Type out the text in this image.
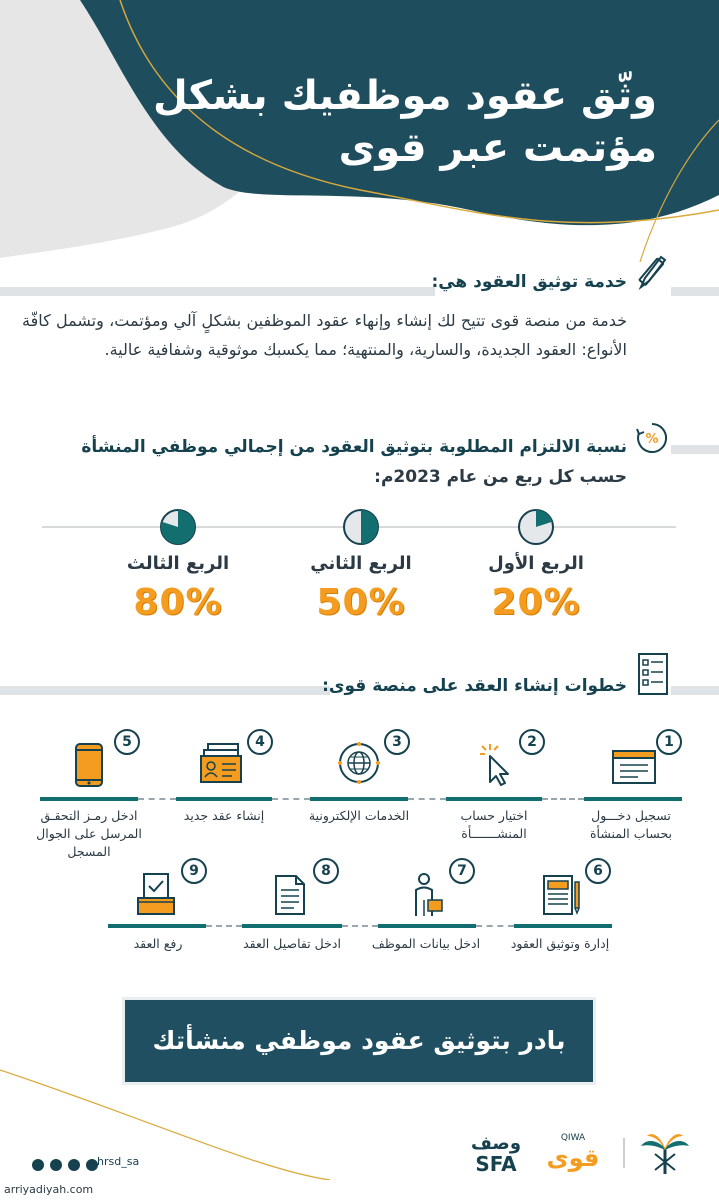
وثّق عقود موظفيك بشكل
مؤتمت عبر قوى
خدمة توثيق العقود هي:
خدمة من منصة قوى تتيح لك إنشاء وإنهاء عقود الموظفين بشكلٍ آلي ومؤتمت، وتشمل كافّة الأنواع: العقود الجديدة، والسارية، والمنتهية؛ مما يكسبك موثوقية وشفافية عالية.
%
نسبة الالتزام المطلوبة بتوثيق العقود من إجمالي موظفي المنشأة
حسب كل ربع من عام 2023م:
الربع الأول
20%
الربع الثاني
50%
الربع الثالث
80%
خطوات إنشاء العقد على منصة قوى:
1
تسجيل دخـــول بحساب المنشأة
2
اختيار حساب المنشـــــــأة
3
الخدمات الإلكترونية
4
إنشاء عقد جديد
5
ادخل رمـز التحقـق المرسل على الجوال المسجل
6
إدارة وتوثيق العقود
7
ادخل بيانات الموظف
8
ادخل تفاصيل العقد
9
رفع العقد
بادر بتوثيق عقود موظفي منشأتك

hrsd_sa
وصف
SFA
QIWA
قوى
arriyadiyah.com
